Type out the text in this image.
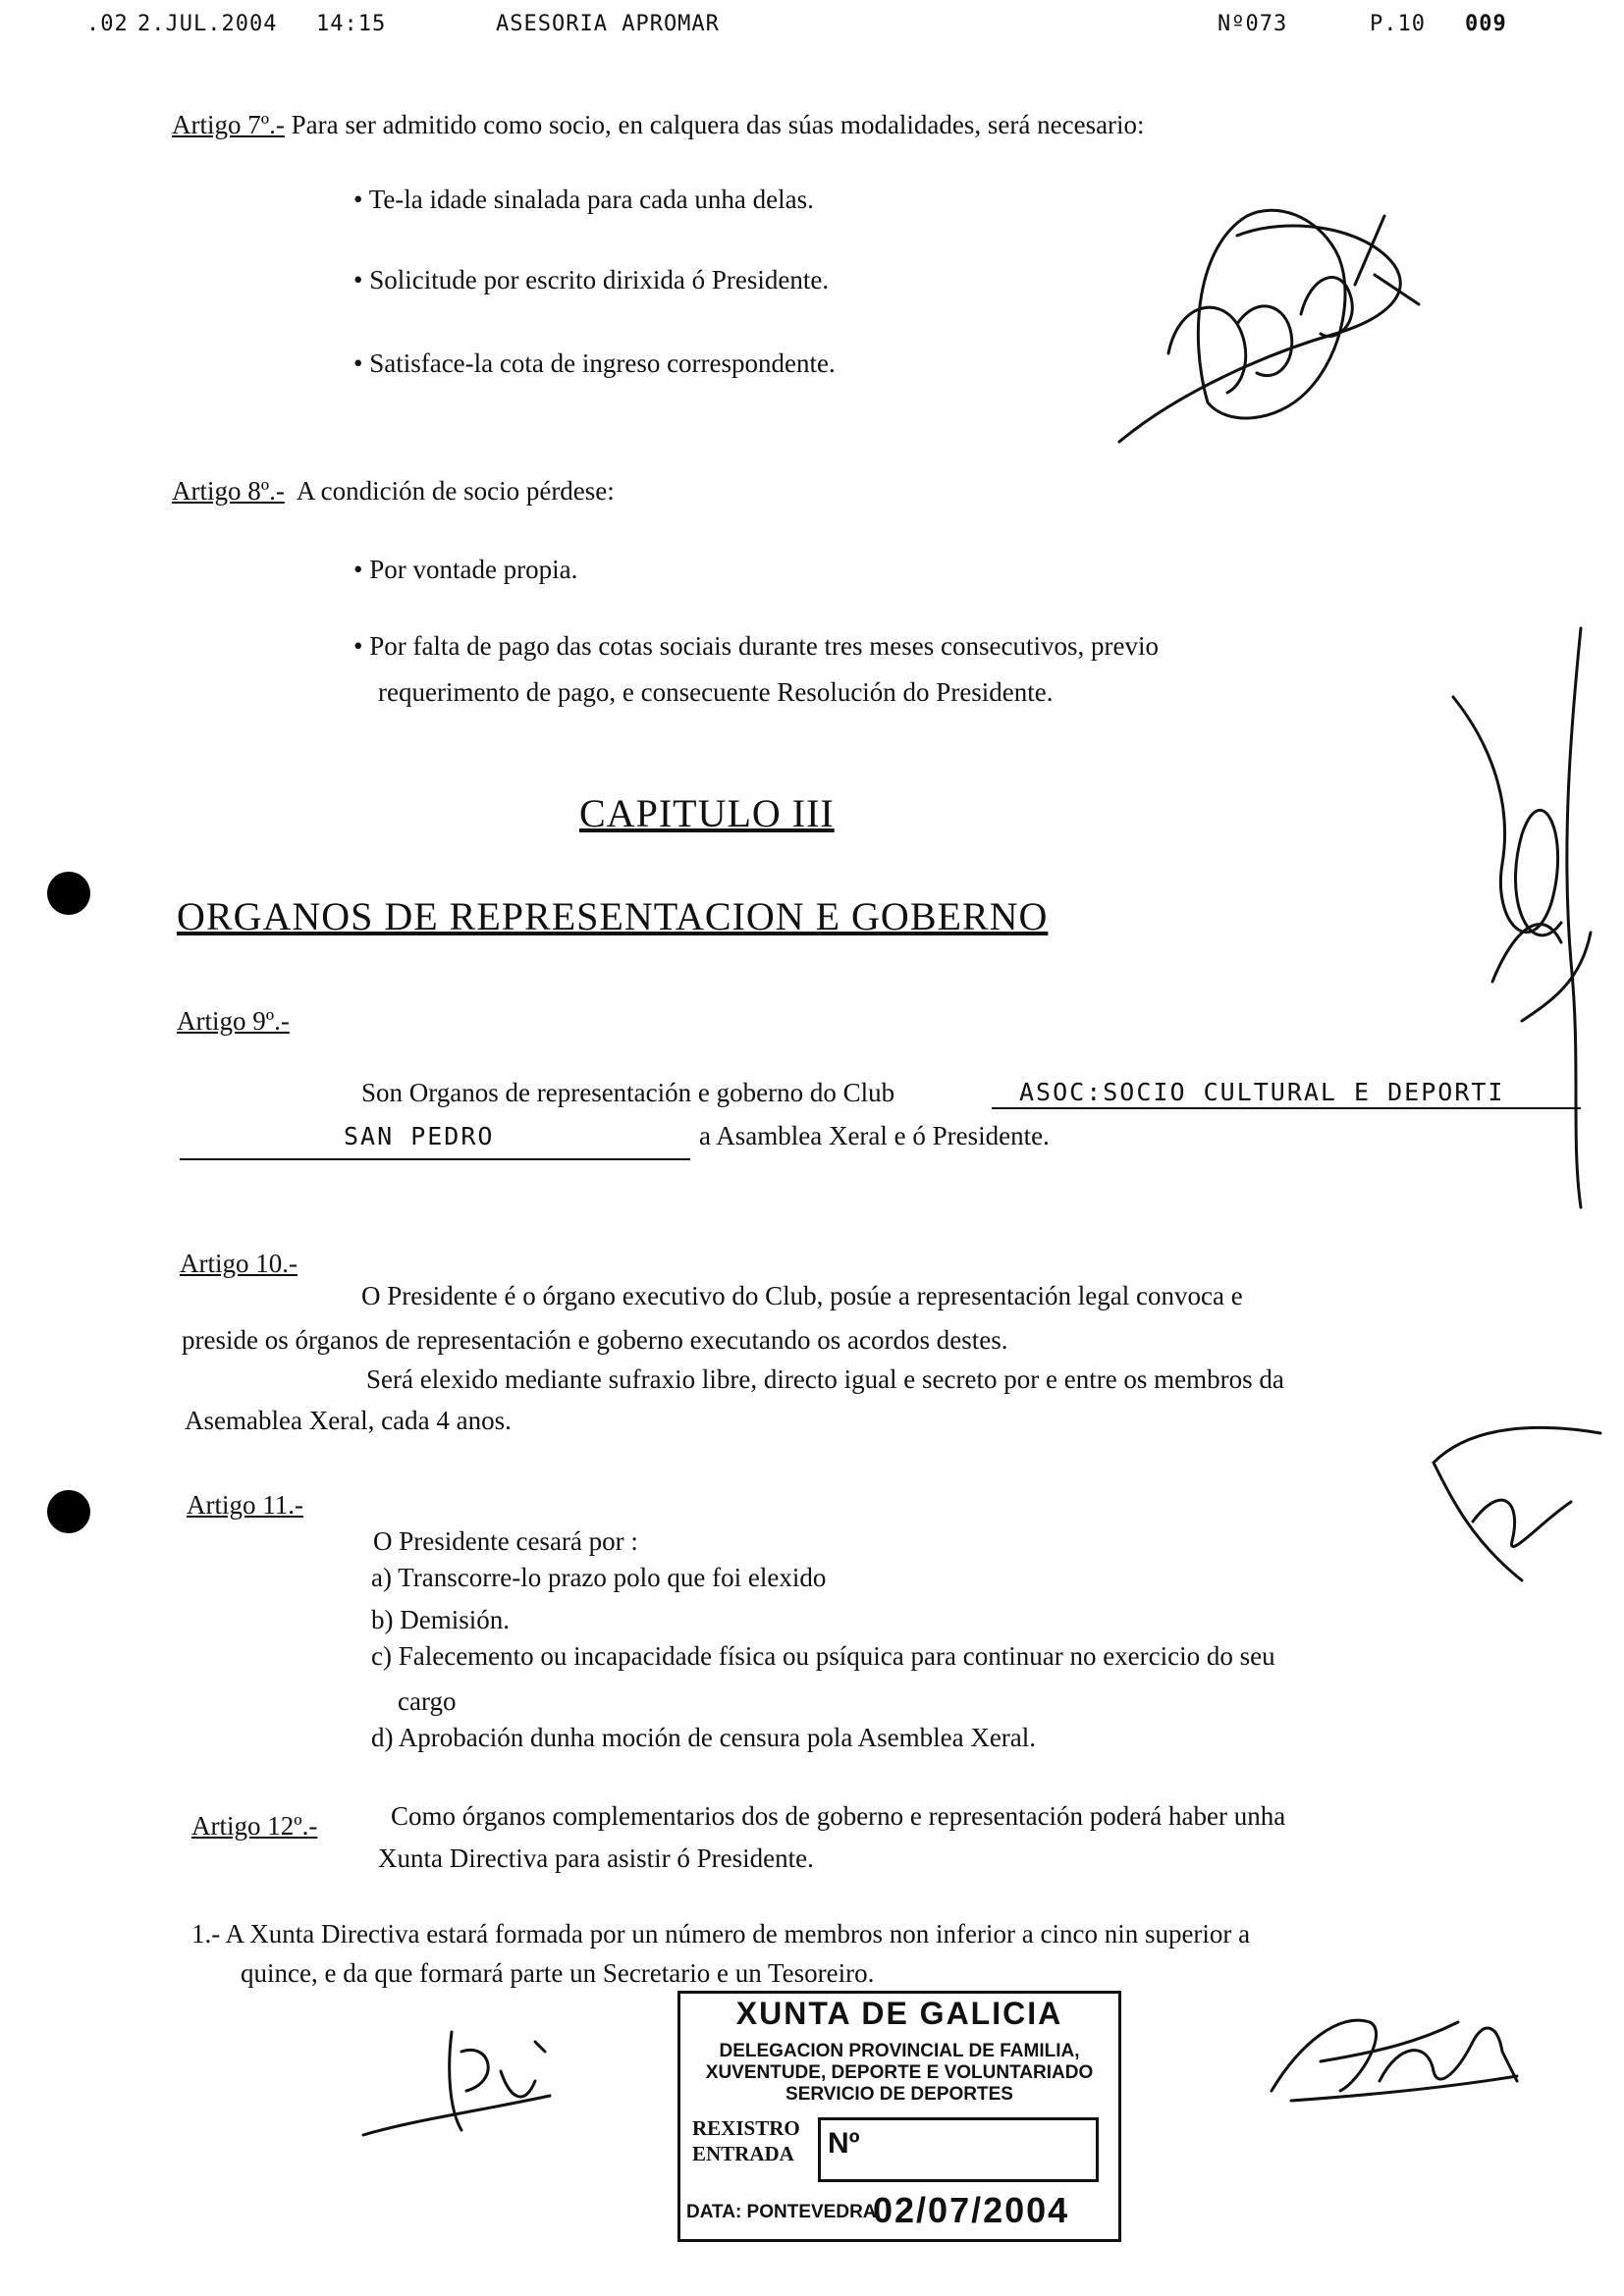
.02 2.JUL.2004 14:15	ASESORIA APROMAR	Nº073	P.10 009
Artigo 7º.- Para ser admitido como socio, en calquera das súas modalidades, será necesario:
• Te-la idade sinalada para cada unha delas.
• Solicitude por escrito dirixida ó Presidente.
• Satisface-la cota de ingreso correspondente.
Artigo 8º.- A condición de socio pérdese:
• Por vontade propia.
• Por falta de pago das cotas sociais durante tres meses consecutivos, previo
requerimento de pago, e consecuente Resolución do Presidente.
CAPITULO III
ORGANOS DE REPRESENTACION E GOBERNO
Artigo 9º.-
Son Organos de representación e goberno do Club	ASOC:SOCIO CULTURAL E DEPORTI
SAN PEDRO	a Asamblea Xeral e ó Presidente.
Artigo 10.-
O Presidente é o órgano executivo do Club, posúe a representación legal convoca e
preside os órganos de representación e goberno executando os acordos destes.
Será elexido mediante sufraxio libre, directo igual e secreto por e entre os membros da
Asemablea Xeral, cada 4 anos.
Artigo 11.-
O Presidente cesará por :
a) Transcorre-lo prazo polo que foi elexido
b) Demisión.
c) Falecemento ou incapacidade física ou psíquica para continuar no exercicio do seu
cargo
d) Aprobación dunha moción de censura pola Asemblea Xeral.
Artigo 12º.-	Como órganos complementarios dos de goberno e representación poderá haber unha
Xunta Directiva para asistir ó Presidente.
1.- A Xunta Directiva estará formada por un número de membros non inferior a cinco nin superior a
quince, e da que formará parte un Secretario e un Tesoreiro.
XUNTA DE GALICIA
DELEGACION PROVINCIAL DE FAMILIA, XUVENTUDE, DEPORTE E VOLUNTARIADO SERVICIO DE DEPORTES
REXISTRO ENTRADA	Nº
DATA: PONTEVEDRA
02/07/2004
